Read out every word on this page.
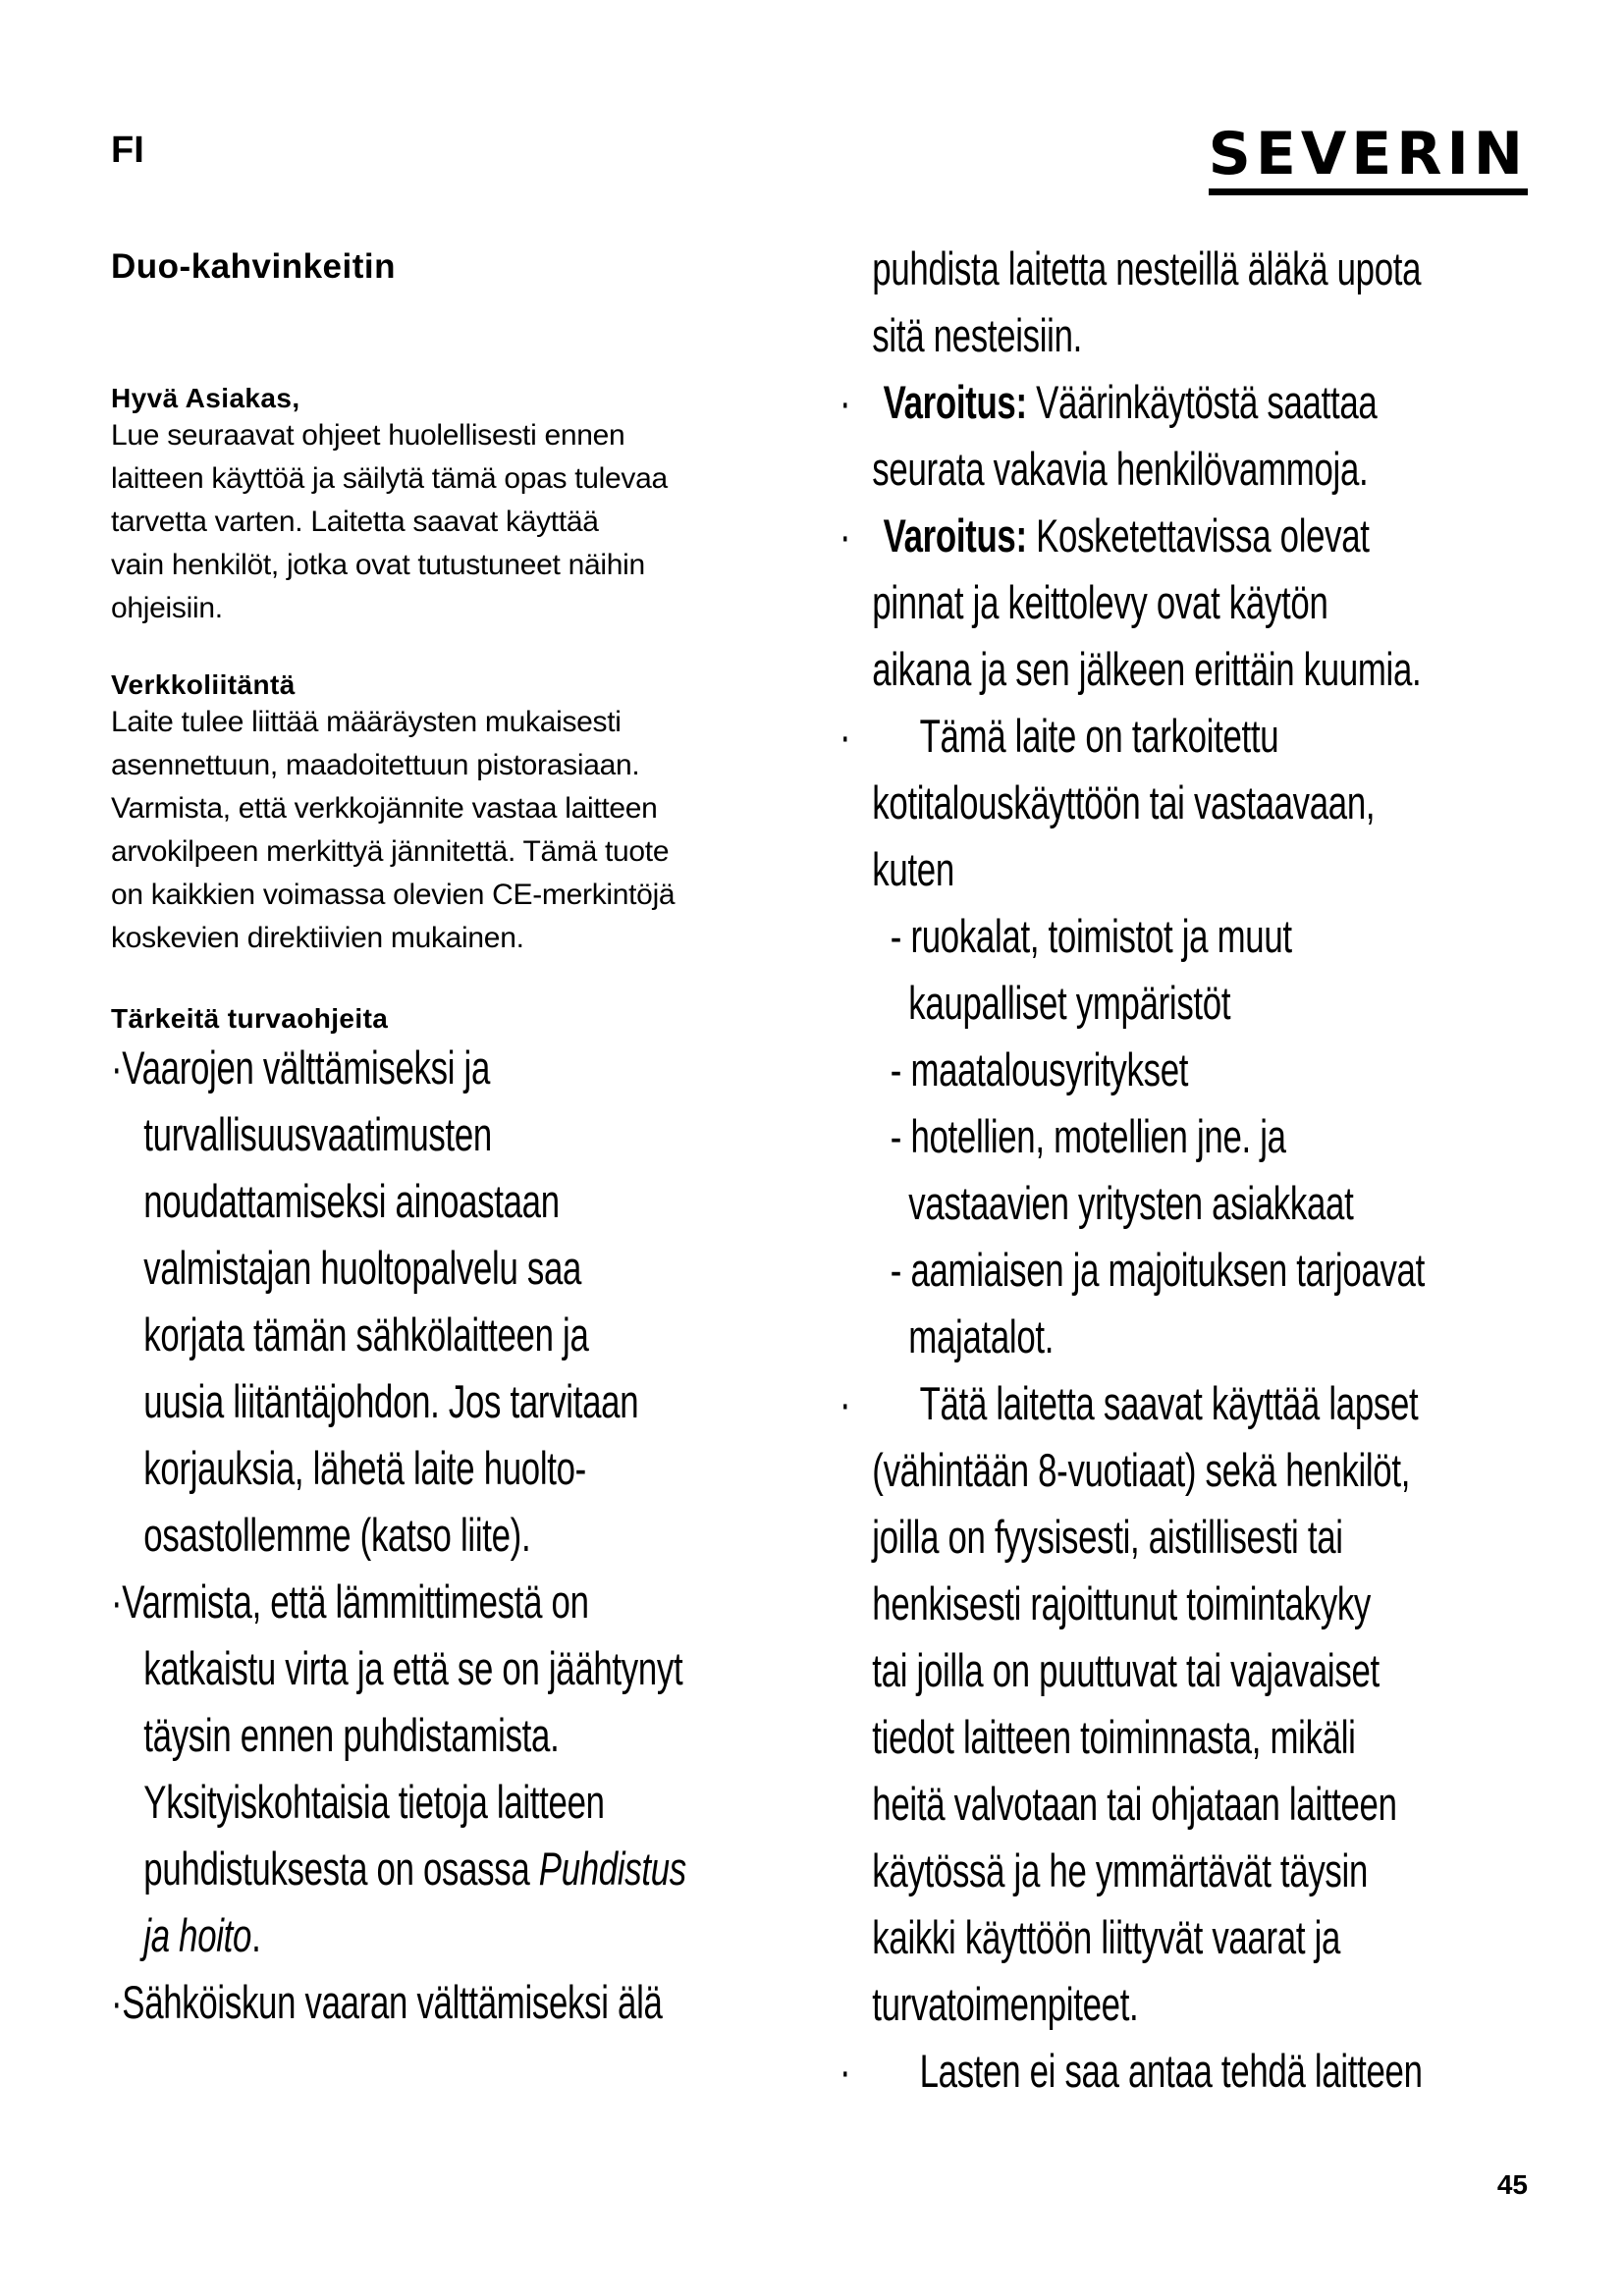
FI	SEVERIN

Duo-kahvinkeitin

Hyvä Asiakas,

Lue seuraavat ohjeet huolellisesti ennen
laitteen käyttöä ja säilytä tämä opas tulevaa
tarvetta varten. Laitetta saavat käyttää
vain henkilöt, jotka ovat tutustuneet näihin
ohjeisiin.

Verkkoliitäntä

Laite tulee liittää määräysten mukaisesti
asennettuun, maadoitettuun pistorasiaan.
Varmista, että verkkojännite vastaa laitteen
arvokilpeen merkittyä jännitettä. Tämä tuote
on kaikkien voimassa olevien CE-merkintöjä
koskevien direktiivien mukainen.

Tärkeitä turvaohjeita

·Vaarojen välttämiseksi ja
turvallisuusvaatimusten
noudattamiseksi ainoastaan
valmistajan huoltopalvelu saa
korjata tämän sähkölaitteen ja
uusia liitäntäjohdon. Jos tarvitaan
korjauksia, lähetä laite huolto-
osastollemme (katso liite).
·Varmista, että lämmittimestä on
katkaistu virta ja että se on jäähtynyt
täysin ennen puhdistamista.
Yksityiskohtaisia tietoja laitteen
puhdistuksesta on osassa Puhdistus
ja hoito.
·Sähköiskun vaaran välttämiseksi älä
puhdista laitetta nesteillä äläkä upota
sitä nesteisiin.
· Varoitus: Väärinkäytöstä saattaa
seurata vakavia henkilövammoja.
· Varoitus: Kosketettavissa olevat
pinnat ja keittolevy ovat käytön
aikana ja sen jälkeen erittäin kuumia.
· Tämä laite on tarkoitettu
kotitalouskäyttöön tai vastaavaan,
kuten
- ruokalat, toimistot ja muut
kaupalliset ympäristöt
- maatalousyritykset
- hotellien, motellien jne. ja
vastaavien yritysten asiakkaat
- aamiaisen ja majoituksen tarjoavat
majatalot.
· Tätä laitetta saavat käyttää lapset
(vähintään 8-vuotiaat) sekä henkilöt,
joilla on fyysisesti, aistillisesti tai
henkisesti rajoittunut toimintakyky
tai joilla on puuttuvat tai vajavaiset
tiedot laitteen toiminnasta, mikäli
heitä valvotaan tai ohjataan laitteen
käytössä ja he ymmärtävät täysin
kaikki käyttöön liittyvät vaarat ja
turvatoimenpiteet.
· Lasten ei saa antaa tehdä laitteen
45
